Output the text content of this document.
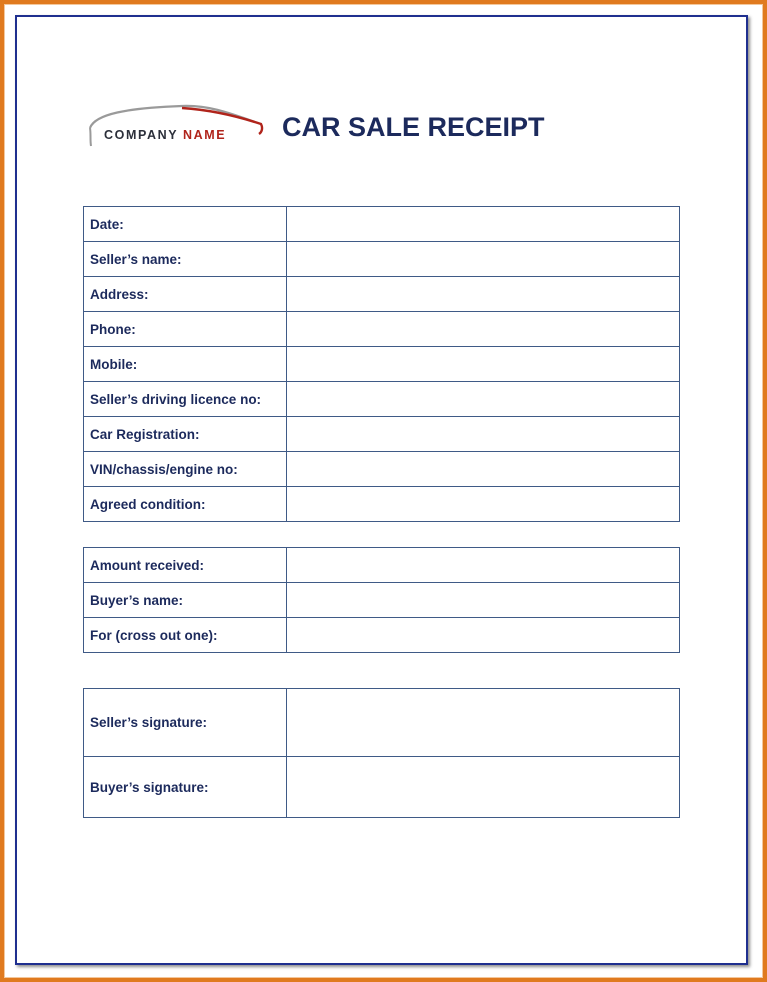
COMPANY NAME CAR SALE RECEIPT
Date:	
Seller’s name:	
Address:	
Phone:	
Mobile:	
Seller’s driving licence no:	
Car Registration:	
VIN/chassis/engine no:	
Agreed condition:	
Amount received:	
Buyer’s name:	
For (cross out one):	
Seller’s signature:	
Buyer’s signature:	
